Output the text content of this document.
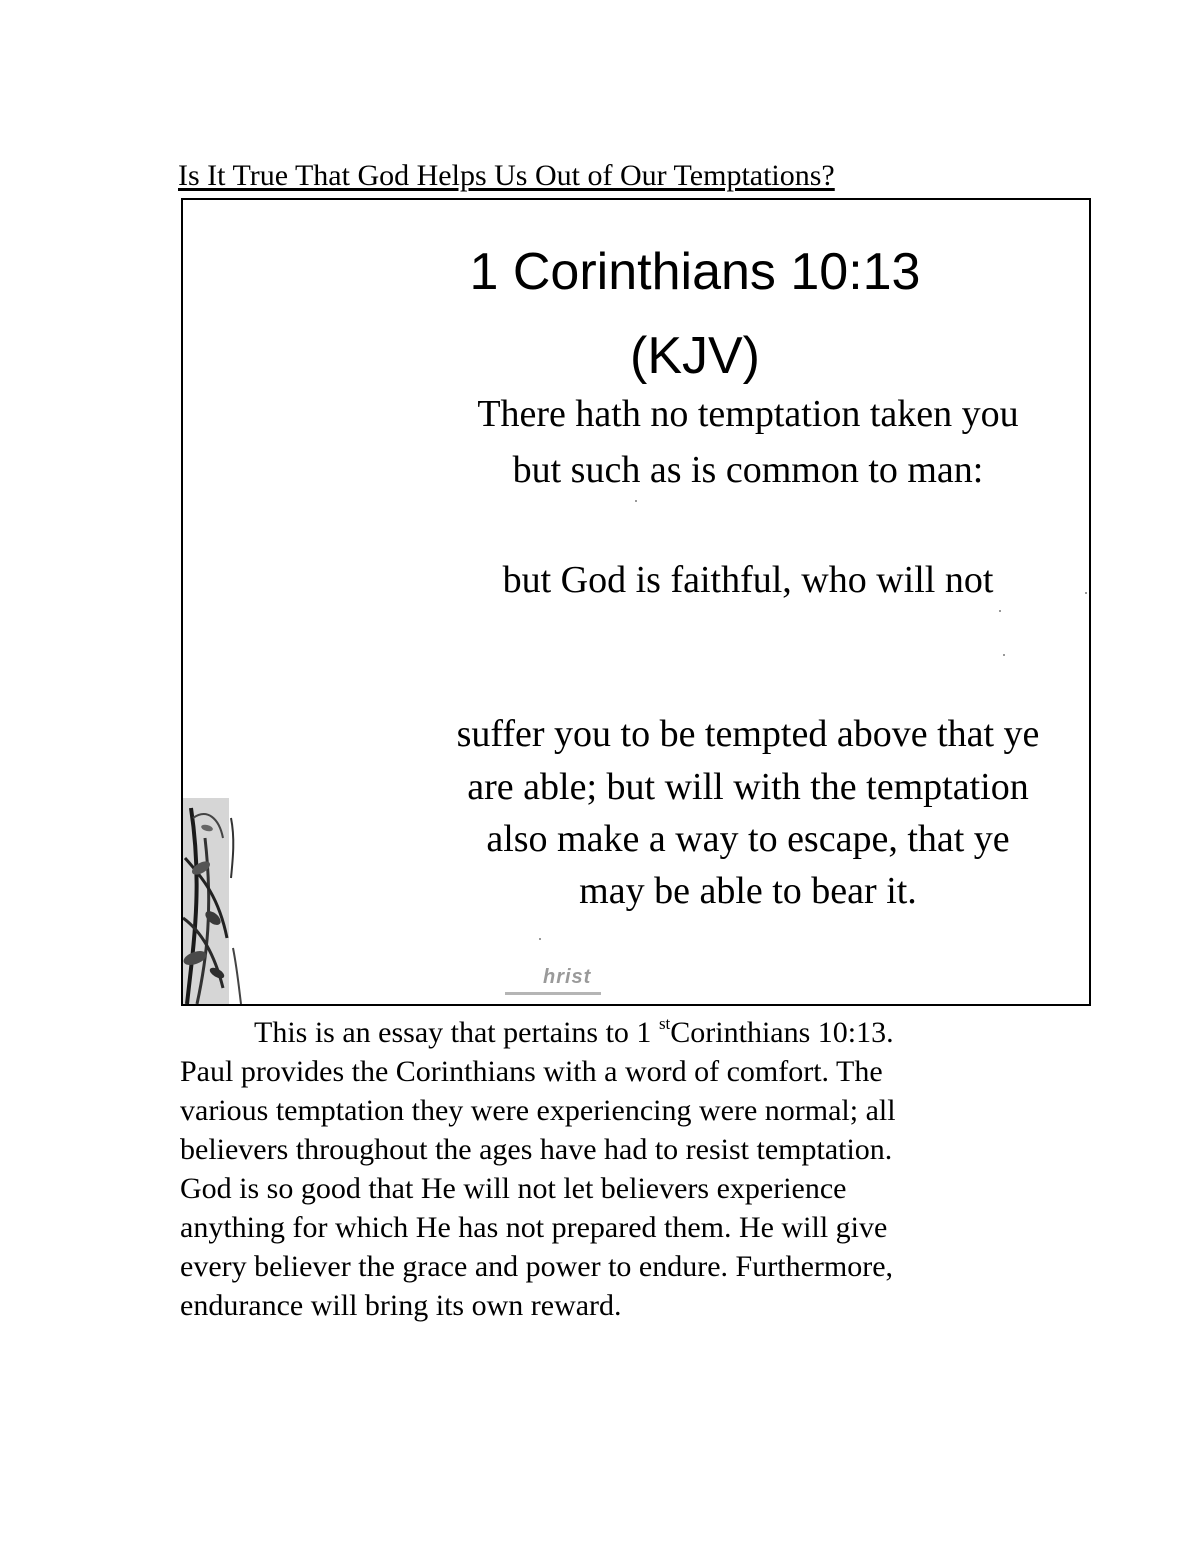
Is It True That God Helps Us Out of Our Temptations?
1 Corinthians 10:13
(KJV)
There hath no temptation taken you
but such as is common to man:
but God is faithful, who will not
suffer you to be tempted above that ye
are able; but will with the temptation
also make a way to escape, that ye
may be able to bear it.
hrist
This is an essay that pertains to 1 $^{st}$Corinthians 10:13.
Paul provides the Corinthians with a word of comfort. The
various temptation they were experiencing were normal; all
believers throughout the ages have had to resist temptation.
God is so good that He will not let believers experience
anything for which He has not prepared them. He will give
every believer the grace and power to endure. Furthermore,
endurance will bring its own reward.
